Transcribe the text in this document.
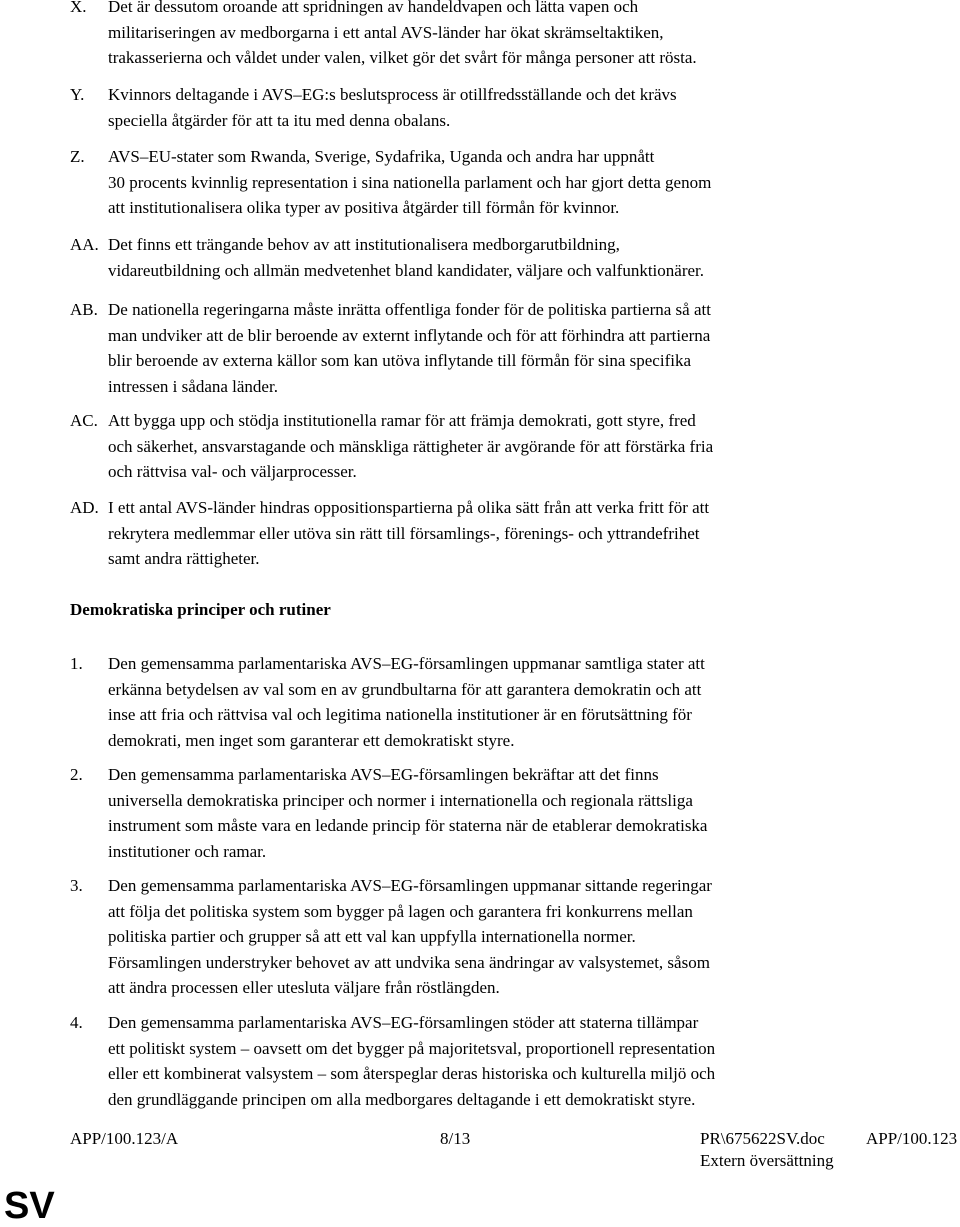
X. Det är dessutom oroande att spridningen av handeldvapen och lätta vapen och
militariseringen av medborgarna i ett antal AVS-länder har ökat skrämseltaktiken,
trakasserierna och våldet under valen, vilket gör det svårt för många personer att rösta.
Y. Kvinnors deltagande i AVS–EG:s beslutsprocess är otillfredsställande och det krävs
speciella åtgärder för att ta itu med denna obalans.
Z. AVS–EU-stater som Rwanda, Sverige, Sydafrika, Uganda och andra har uppnått
30 procents kvinnlig representation i sina nationella parlament och har gjort detta genom
att institutionalisera olika typer av positiva åtgärder till förmån för kvinnor.
AA. Det finns ett trängande behov av att institutionalisera medborgarutbildning,
vidareutbildning och allmän medvetenhet bland kandidater, väljare och valfunktionärer.
AB. De nationella regeringarna måste inrätta offentliga fonder för de politiska partierna så att
man undviker att de blir beroende av externt inflytande och för att förhindra att partierna
blir beroende av externa källor som kan utöva inflytande till förmån för sina specifika
intressen i sådana länder.
AC. Att bygga upp och stödja institutionella ramar för att främja demokrati, gott styre, fred
och säkerhet, ansvarstagande och mänskliga rättigheter är avgörande för att förstärka fria
och rättvisa val- och väljarprocesser.
AD. I ett antal AVS-länder hindras oppositionspartierna på olika sätt från att verka fritt för att
rekrytera medlemmar eller utöva sin rätt till församlings-, förenings- och yttrandefrihet
samt andra rättigheter.
Demokratiska principer och rutiner
1. Den gemensamma parlamentariska AVS–EG-församlingen uppmanar samtliga stater att
erkänna betydelsen av val som en av grundbultarna för att garantera demokratin och att
inse att fria och rättvisa val och legitima nationella institutioner är en förutsättning för
demokrati, men inget som garanterar ett demokratiskt styre.
2. Den gemensamma parlamentariska AVS–EG-församlingen bekräftar att det finns
universella demokratiska principer och normer i internationella och regionala rättsliga
instrument som måste vara en ledande princip för staterna när de etablerar demokratiska
institutioner och ramar.
3. Den gemensamma parlamentariska AVS–EG-församlingen uppmanar sittande regeringar
att följa det politiska system som bygger på lagen och garantera fri konkurrens mellan
politiska partier och grupper så att ett val kan uppfylla internationella normer.
Församlingen understryker behovet av att undvika sena ändringar av valsystemet, såsom
att ändra processen eller utesluta väljare från röstlängden.
4. Den gemensamma parlamentariska AVS–EG-församlingen stöder att staterna tillämpar
ett politiskt system – oavsett om det bygger på majoritetsval, proportionell representation
eller ett kombinerat valsystem – som återspeglar deras historiska och kulturella miljö och
den grundläggande principen om alla medborgares deltagande i ett demokratiskt styre.
APP/100.123/A	8/13	PR\675622SV.doc APP/100.123
Extern översättning
SV
